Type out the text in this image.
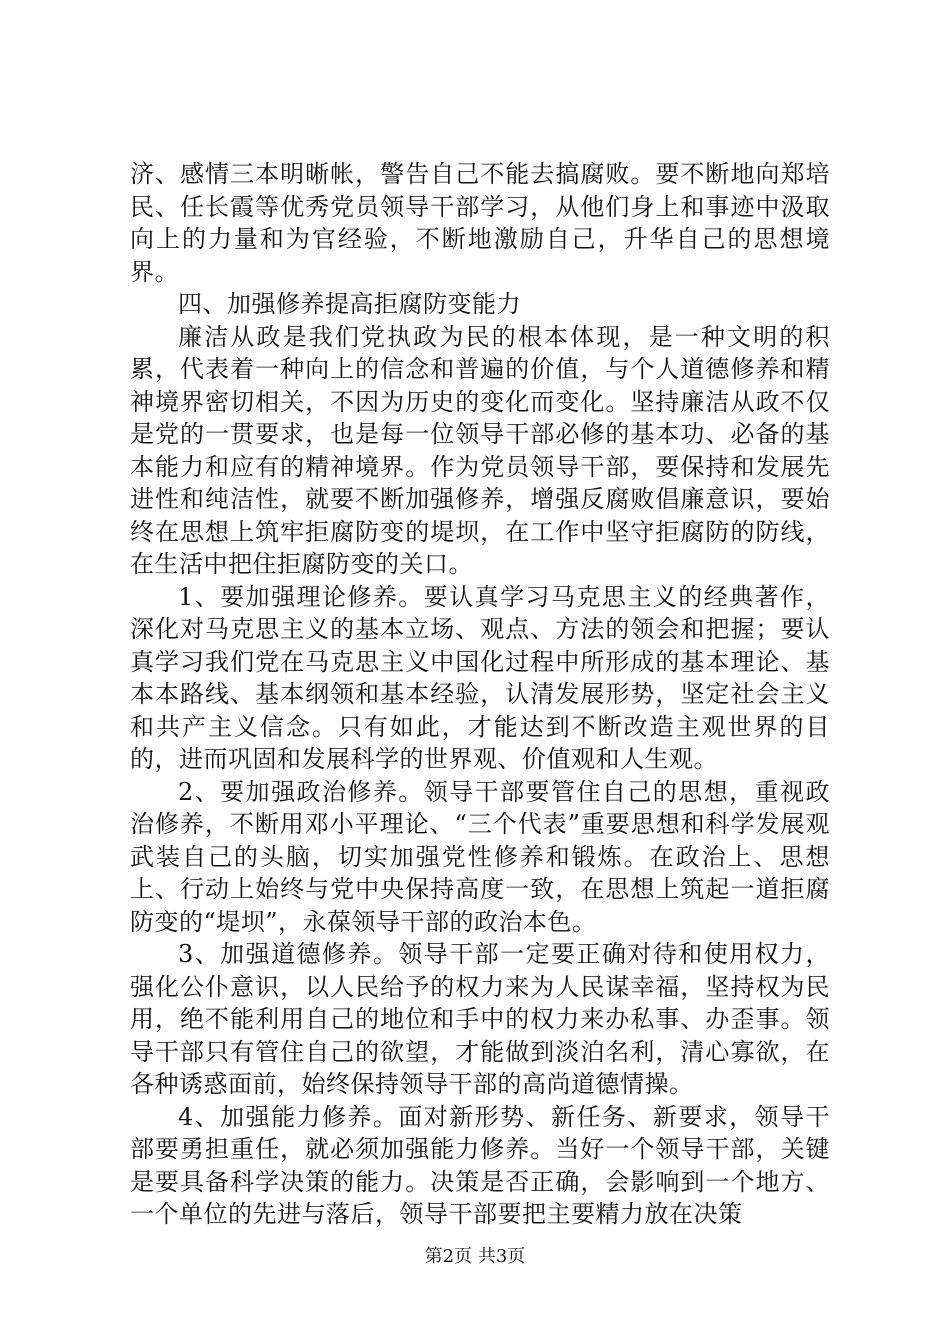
济、感情三本明晰帐，警告自己不能去搞腐败。要不断地向郑培民、任长霞等优秀党员领导干部学习，从他们身上和事迹中汲取向上的力量和为官经验，不断地激励自己，升华自己的思想境界。

四、加强修养提高拒腐防变能力

廉洁从政是我们党执政为民的根本体现，是一种文明的积累，代表着一种向上的信念和普遍的价值，与个人道德修养和精神境界密切相关，不因为历史的变化而变化。坚持廉洁从政不仅是党的一贯要求，也是每一位领导干部必修的基本功、必备的基本能力和应有的精神境界。作为党员领导干部，要保持和发展先进性和纯洁性，就要不断加强修养，增强反腐败倡廉意识，要始终在思想上筑牢拒腐防变的堤坝，在工作中坚守拒腐防的防线，在生活中把住拒腐防变的关口。

1、要加强理论修养。要认真学习马克思主义的经典著作，深化对马克思主义的基本立场、观点、方法的领会和把握；要认真学习我们党在马克思主义中国化过程中所形成的基本理论、基本本路线、基本纲领和基本经验，认清发展形势，坚定社会主义和共产主义信念。只有如此，才能达到不断改造主观世界的目的，进而巩固和发展科学的世界观、价值观和人生观。

2、要加强政治修养。领导干部要管住自己的思想，重视政治修养，不断用邓小平理论、“三个代表”重要思想和科学发展观武装自己的头脑，切实加强党性修养和锻炼。在政治上、思想上、行动上始终与党中央保持高度一致，在思想上筑起一道拒腐防变的“堤坝”，永葆领导干部的政治本色。

3、加强道德修养。领导干部一定要正确对待和使用权力，强化公仆意识，以人民给予的权力来为人民谋幸福，坚持权为民用，绝不能利用自己的地位和手中的权力来办私事、办歪事。领导干部只有管住自己的欲望，才能做到淡泊名利，清心寡欲，在各种诱惑面前，始终保持领导干部的高尚道德情操。

4、加强能力修养。面对新形势、新任务、新要求，领导干部要勇担重任，就必须加强能力修养。当好一个领导干部，关键是要具备科学决策的能力。决策是否正确，会影响到一个地方、一个单位的先进与落后，领导干部要把主要精力放在决策

第2页 共3页
